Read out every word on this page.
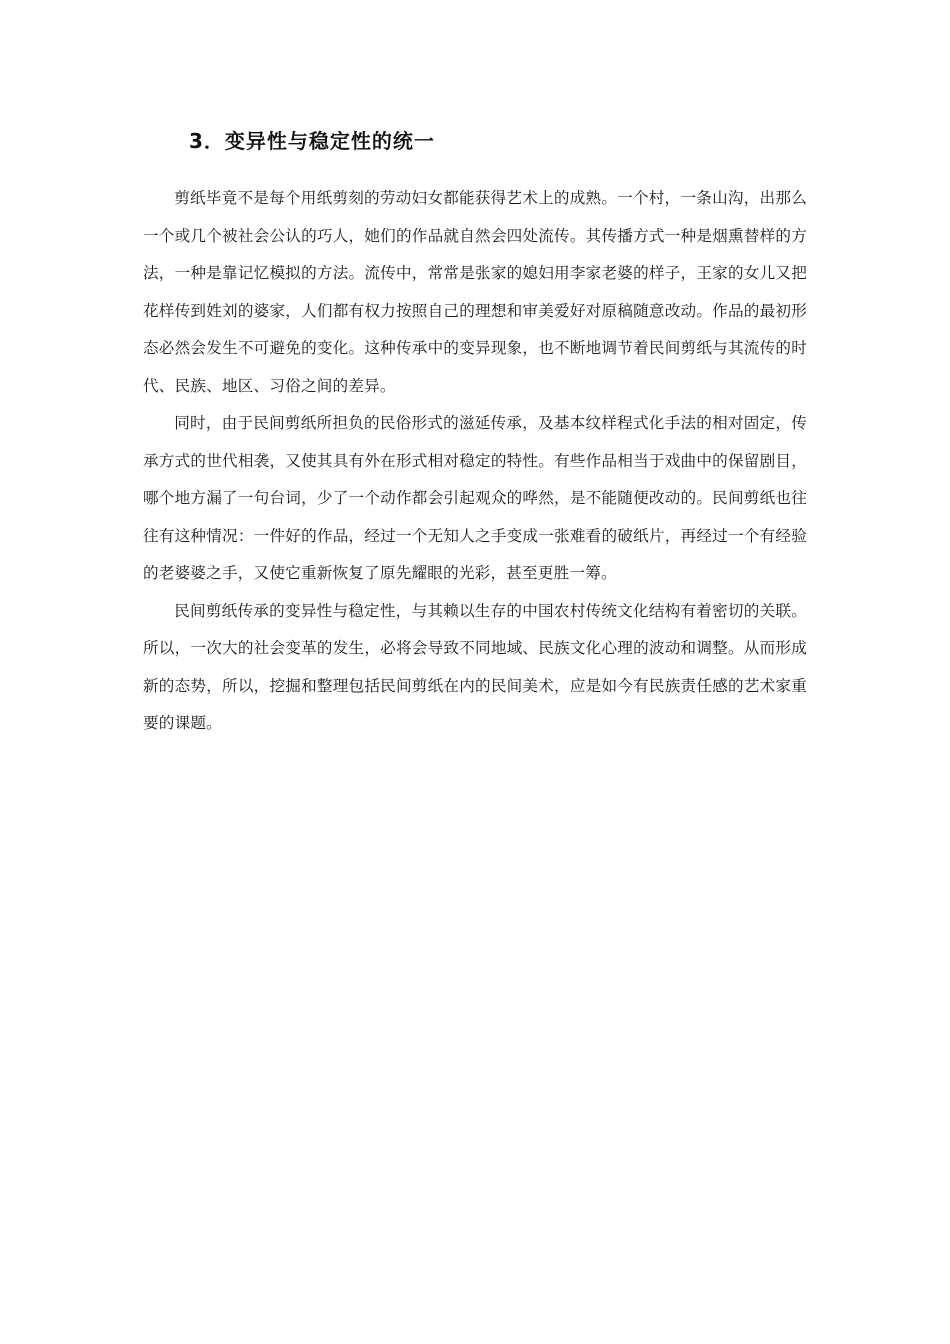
3．变异性与稳定性的统一

剪纸毕竟不是每个用纸剪刻的劳动妇女都能获得艺术上的成熟。一个村，一条山沟，出那么一个或几个被社会公认的巧人，她们的作品就自然会四处流传。其传播方式一种是烟熏替样的方法，一种是靠记忆模拟的方法。流传中，常常是张家的媳妇用李家老婆的样子，王家的女儿又把花样传到姓刘的婆家，人们都有权力按照自己的理想和审美爱好对原稿随意改动。作品的最初形态必然会发生不可避免的变化。这种传承中的变异现象，也不断地调节着民间剪纸与其流传的时代、民族、地区、习俗之间的差异。

同时，由于民间剪纸所担负的民俗形式的滋延传承，及基本纹样程式化手法的相对固定，传承方式的世代相袭，又使其具有外在形式相对稳定的特性。有些作品相当于戏曲中的保留剧目，哪个地方漏了一句台词，少了一个动作都会引起观众的哗然，是不能随便改动的。民间剪纸也往往有这种情况：一件好的作品，经过一个无知人之手变成一张难看的破纸片，再经过一个有经验的老婆婆之手，又使它重新恢复了原先耀眼的光彩，甚至更胜一筹。

民间剪纸传承的变异性与稳定性，与其赖以生存的中国农村传统文化结构有着密切的关联。所以，一次大的社会变革的发生，必将会导致不同地域、民族文化心理的波动和调整。从而形成新的态势，所以，挖掘和整理包括民间剪纸在内的民间美术，应是如今有民族责任感的艺术家重要的课题。
